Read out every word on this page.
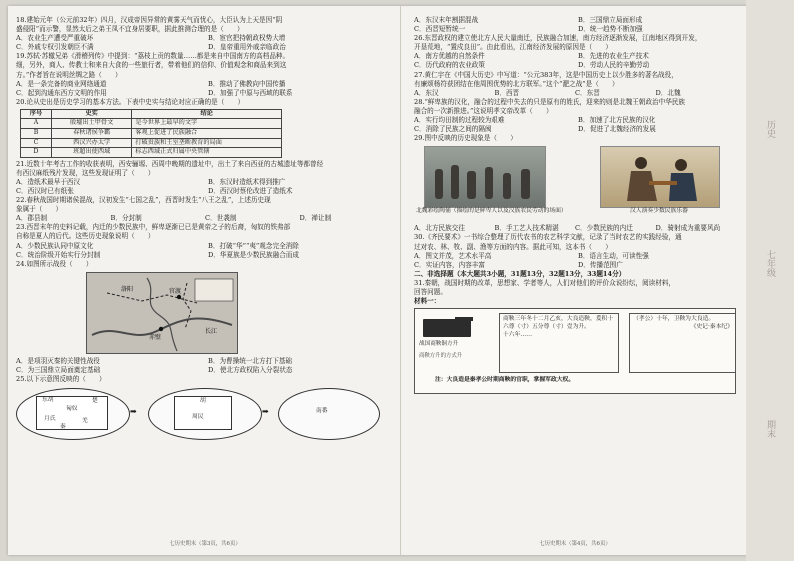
18.建始元年（公元前32年）四月，汉成帝因异常的黄雾天气而忧心，大臣认为上天是因“阴

盛侵阳”而示警，显然太后之弟王凤不宜身居要职，据此推测合理的是（　　）

A．农业生产遭受严重破坏	B．宦官把持朝政权势大增
C．外戚专权引发朝臣不满	D．皇帝重用外戚亲临政治

19.苏轼·苏辙兄弟《滑稽列传》中提到：“荔枝上贡的数量……都是来自中国南方的高档品种。

细，另外，商人、传教士和来自大食的一些旅行者，带着他们的信仰、价值观念和商品来到这

方。”作者旨在说明丝绸之路（　　）

A．是一条完备的商业网络通道	B．推动了佛教向中国传播
C．起到沟通东西方文明的作用	D．加强了中原与西域的联系

20.论从史出是历史学习的基本方法。下表中史实与结论对应正确的是（　　）

序号	史实	结论
A	殷墟出土甲骨文	是今世界上最早的文字
B	春秋诸侯争霸	客观上促进了民族融合
C	西汉兴办太学	打破贵族和王室垄断教育的局面
D	班超出使西域	标志西域正式归属中央管辖

21.近数十年考古工作的收获表明，西安骊塬、西周中晚期的遗址中，出土了来自西亚的古城遗址等都曾经

有西汉麻纸残片发现，这些发现证明了（　　）

A．造纸术最早于西汉	B．东汉时造纸术得到推广
C．西汉时已有纸张	D．西汉时蔡伦改进了造纸术

22.春秋战国时期诸侯混战，汉初发生“七国之乱”，西晋时发生“八王之乱”，上述历史现

象属于（　　）

A．郡县制	B．分封制	C．世袭制	D．禅让制

23.西晋末年的史料记载，内迁的少数民族中，鲜卑逐渐已已是黄帝之子的后裔，匈奴的铁弗部

自称是夏人的后代。这些历史现象说明（　　）

A．少数民族认同中原文化	B．打破“华”“夷”观念完全消除
C．统治阶级开始实行分封制	D．华夏族是少数民族融合而成

24.如图所示战役（　　）

赤壁
长江
洛阳	官渡
A．是项羽灭秦的关键性战役	B．为曹操统一北方打下基础
C．为三国鼎立局面奠定基础	D．使北方政权陷入分裂状态

25.以下示意图反映的（　　）

东胡
匈奴
月氏	羌
秦
楚	胡
周民
南番
➡	➡
七历史期末（第3页，共6页）
A．东汉末年割据混战	B．三国鼎立局面形成
C．西晋短暂统一	D．统一趋势不断加强

26.东晋政权的建立使北方人民大量南迁，民族融合加速，南方经济逐渐发展，江南地区得到开发，

开垦荒地，“置戍良田”。由此看出，江南经济发展的原因是（　　）

A．南方优越的自然条件	B．先进的农业生产技术
C．历代政府的农业政策	D．劳动人民的辛勤劳动

27.黄仁宇在《中国大历史》中写道：“公元383年，这是中国历史上以少胜多的著名战役，

有廉颂杨符获团结在他周围优势的北方联军。”这个“淝之战”是（　　）

A．东汉	B．西晋	C．东晋	D．北魏

28.“鲜卑族的汉化，融合的过程中失去的只是原有的姓氏，迎来的则是北魏王朝政治中华民族

融合的一次新推进。”这说明孝文帝改革（　　）

A．实行均田制的过程较为艰难	B．加速了北方民族的汉化
C．消除了民族之间的隔阂	D．促进了北魏经济的发展

29.图中反映的历史现象是（　　）

北魏彩绘陶俑（描绘的是鲜卑人以及汉族农民劳动的场面）	汉人演奏少数民族乐器
A．北方民族交往	B．手工艺人技术精湛	C．少数民族的内迁	D．骑射成为重要风尚

30.《齐民要术》一书综合整理了历代农书的农艺科学文献，记录了当时农艺的实践经验，通

过对农、林、牧、副、渔等方面的内容。据此可知，这本书（　　）

A．图文并茂，艺术水平高	B．语言生动，可读性强
C．实证内容，内容丰富	D．传播范围广

二、非选择题（本大题共3小题，31题13分，32题13分，33题14分）

31.秦朝，战国时期的改革，思想家、学者等人，人们对他们的评价众说纷纭，阅读材料，

回答问题。

材料一：

战国商鞅铜方升
商鞅三年冬十二月乙亥，大良造鞅，爰积十六尊（寸）五分尊（寸）壹为升。
十六年……
（孝公）十年，卫鞅为大良造。
《史记·秦本纪》
注：大良造是秦孝公时期商鞅的官职，掌握军政大权。
商鞅方升的方式升
七历史期末（第4页，共6页）
历史
七年级
期末
